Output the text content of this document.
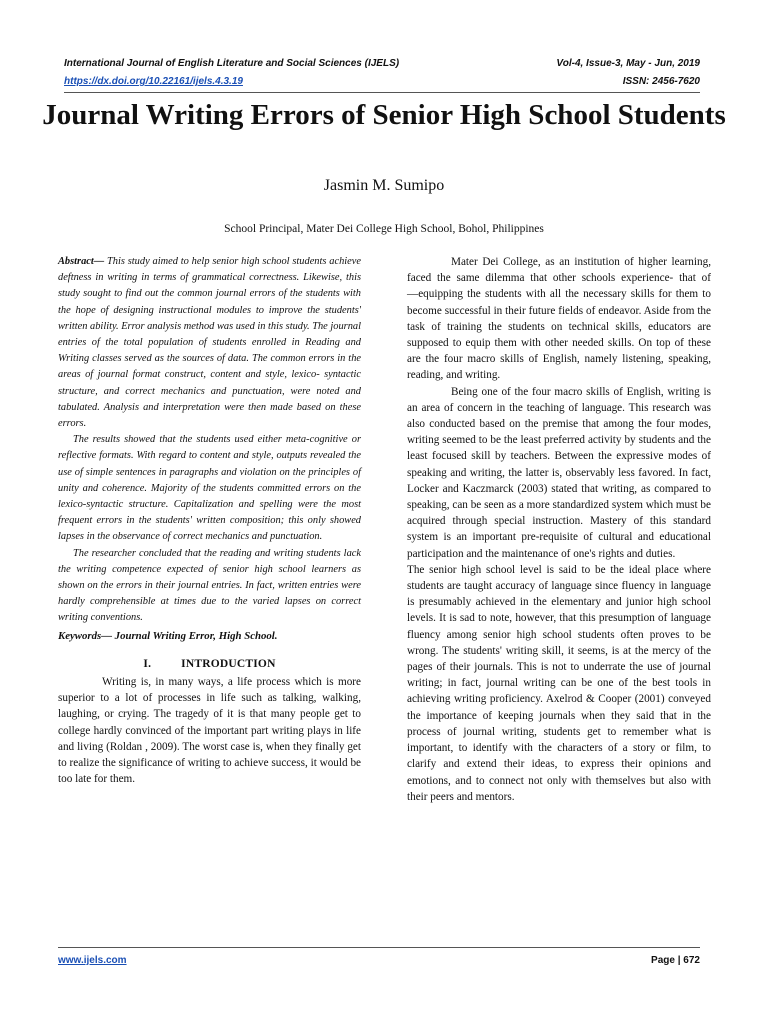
International Journal of English Literature and Social Sciences (IJELS)	Vol-4, Issue-3, May - Jun, 2019
https://dx.doi.org/10.22161/ijels.4.3.19	ISSN: 2456-7620
Journal Writing Errors of Senior High School Students
Jasmin M. Sumipo
School Principal, Mater Dei College High School, Bohol, Philippines

Abstract— This study aimed to help senior high school students achieve deftness in writing in terms of grammatical correctness. Likewise, this study sought to find out the common journal errors of the students with the hope of designing instructional modules to improve the students' written ability. Error analysis method was used in this study. The journal entries of the total population of students enrolled in Reading and Writing classes served as the sources of data. The common errors in the areas of journal format construct, content and style, lexico- syntactic structure, and correct mechanics and punctuation, were noted and tabulated. Analysis and interpretation were then made based on these errors.

The results showed that the students used either meta-cognitive or reflective formats. With regard to content and style, outputs revealed the use of simple sentences in paragraphs and violation on the principles of unity and coherence. Majority of the students committed errors on the lexico-syntactic structure. Capitalization and spelling were the most frequent errors in the students' written composition; this only showed lapses in the observance of correct mechanics and punctuation.

The researcher concluded that the reading and writing students lack the writing competence expected of senior high school learners as shown on the errors in their journal entries. In fact, written entries were hardly comprehensible at times due to the varied lapses on correct writing conventions.

Keywords— Journal Writing Error, High School.

I.	INTRODUCTION

Writing is, in many ways, a life process which is more superior to a lot of processes in life such as talking, walking, laughing, or crying. The tragedy of it is that many people get to college hardly convinced of the important part writing plays in life and living (Roldan , 2009). The worst case is, when they finally get to realize the significance of writing to achieve success, it would be too late for them.

Mater Dei College, as an institution of higher learning, faced the same dilemma that other schools experience- that of ―equipping the students with all the necessary skills for them to become successful in their future fields of endeavor. Aside from the task of training the students on technical skills, educators are supposed to equip them with other needed skills. On top of these are the four macro skills of English, namely listening, speaking, reading, and writing.

Being one of the four macro skills of English, writing is an area of concern in the teaching of language. This research was also conducted based on the premise that among the four modes, writing seemed to be the least preferred activity by students and the least focused skill by teachers. Between the expressive modes of speaking and writing, the latter is, observably less favored. In fact, Locker and Kaczmarck (2003) stated that writing, as compared to speaking, can be seen as a more standardized system which must be acquired through special instruction. Mastery of this standard system is an important pre-requisite of cultural and educational participation and the maintenance of one's rights and duties.

The senior high school level is said to be the ideal place where students are taught accuracy of language since fluency in language is presumably achieved in the elementary and junior high school levels. It is sad to note, however, that this presumption of language fluency among senior high school students often proves to be wrong. The students' writing skill, it seems, is at the mercy of the pages of their journals. This is not to underrate the use of journal writing; in fact, journal writing can be one of the best tools in achieving writing proficiency. Axelrod & Cooper (2001) conveyed the importance of keeping journals when they said that in the process of journal writing, students get to remember what is important, to identify with the characters of a story or film, to clarify and extend their ideas, to express their opinions and emotions, and to connect not only with themselves but also with their peers and mentors.

www.ijels.com	Page | 672
